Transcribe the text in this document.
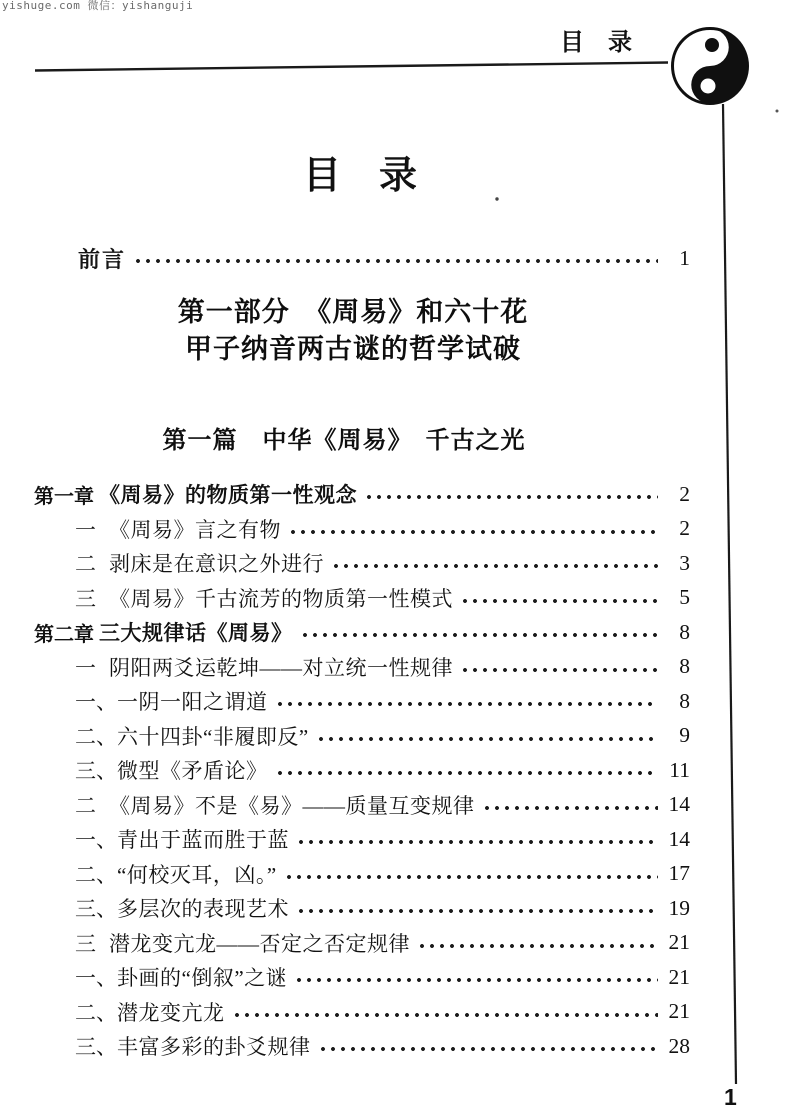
yishuge.com 微信：yishanguji
目　录
目　录
前言	1
第一部分　《周易》和六十花
甲子纳音两古谜的哲学试破
第一篇　中华《周易》　千古之光
第一章 《周易》的物质第一性观念	2
一 《周易》言之有物	2
二 剥床是在意识之外进行	3
三 《周易》千古流芳的物质第一性模式	5
第二章 三大规律话《周易》	8
一 阴阳两爻运乾坤——对立统一性规律	8
一、 一阴一阳之谓道	8
二、 六十四卦“非履即反”	9
三、 微型《矛盾论》	11
二 《周易》不是《易》——质量互变规律	14
一、 青出于蓝而胜于蓝	14
二、 “何校灭耳，凶。”	17
三、 多层次的表现艺术	19
三 潜龙变亢龙——否定之否定规律	21
一、 卦画的“倒叙”之谜	21
二、 潜龙变亢龙	21
三、 丰富多彩的卦爻规律	28
1
